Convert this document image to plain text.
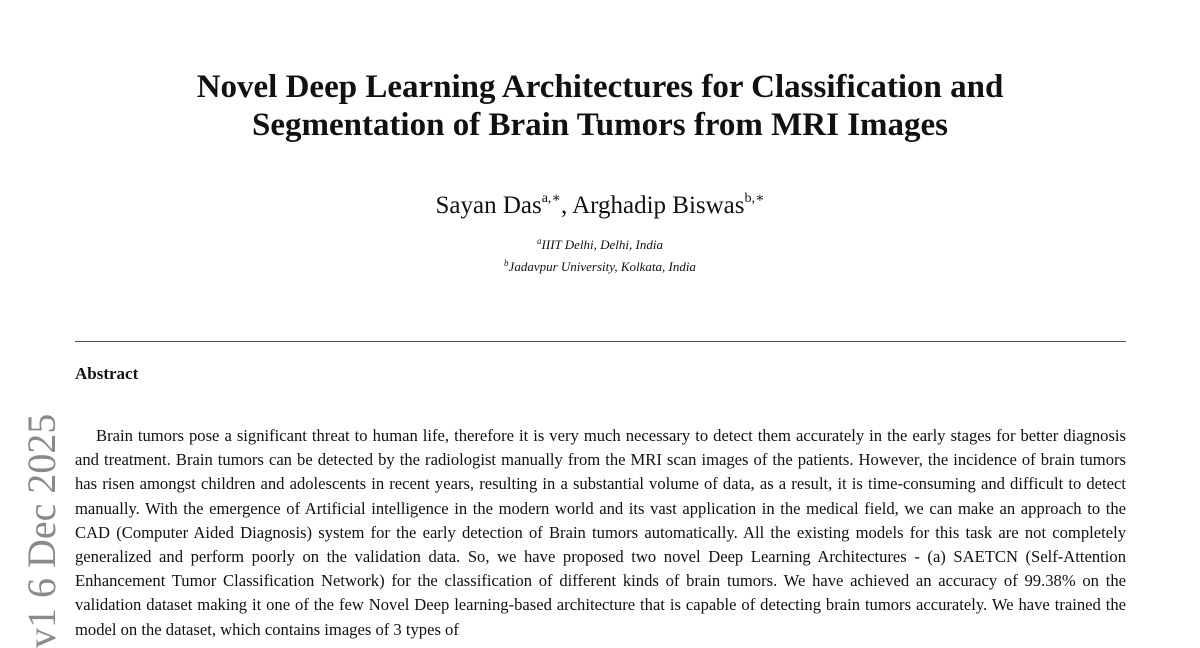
v1 6 Dec 2025
Novel Deep Learning Architectures for Classification and
Segmentation of Brain Tumors from MRI Images
Sayan Das$^{a,∗}$, Arghadip Biswas$^{b,∗}$
$^a$IIIT Delhi, Delhi, India
$^b$Jadavpur University, Kolkata, India
Abstract

Brain tumors pose a significant threat to human life, therefore it is very much necessary to detect them accurately in the early stages for better diagnosis and treatment. Brain tumors can be detected by the radiologist manually from the MRI scan images of the patients. However, the incidence of brain tumors has risen amongst children and adolescents in recent years, resulting in a substantial volume of data, as a result, it is time-consuming and difficult to detect manually. With the emergence of Artificial intelligence in the modern world and its vast application in the medical field, we can make an approach to the CAD (Computer Aided Diagnosis) system for the early detection of Brain tumors automatically. All the existing models for this task are not completely generalized and perform poorly on the validation data. So, we have proposed two novel Deep Learning Architectures - (a) SAETCN (Self-Attention Enhancement Tumor Classification Network) for the classification of different kinds of brain tumors. We have achieved an accuracy of 99.38% on the validation dataset making it one of the few Novel Deep learning-based architecture that is capable of detecting brain tumors accurately. We have trained the model on the dataset, which contains images of 3 types of
